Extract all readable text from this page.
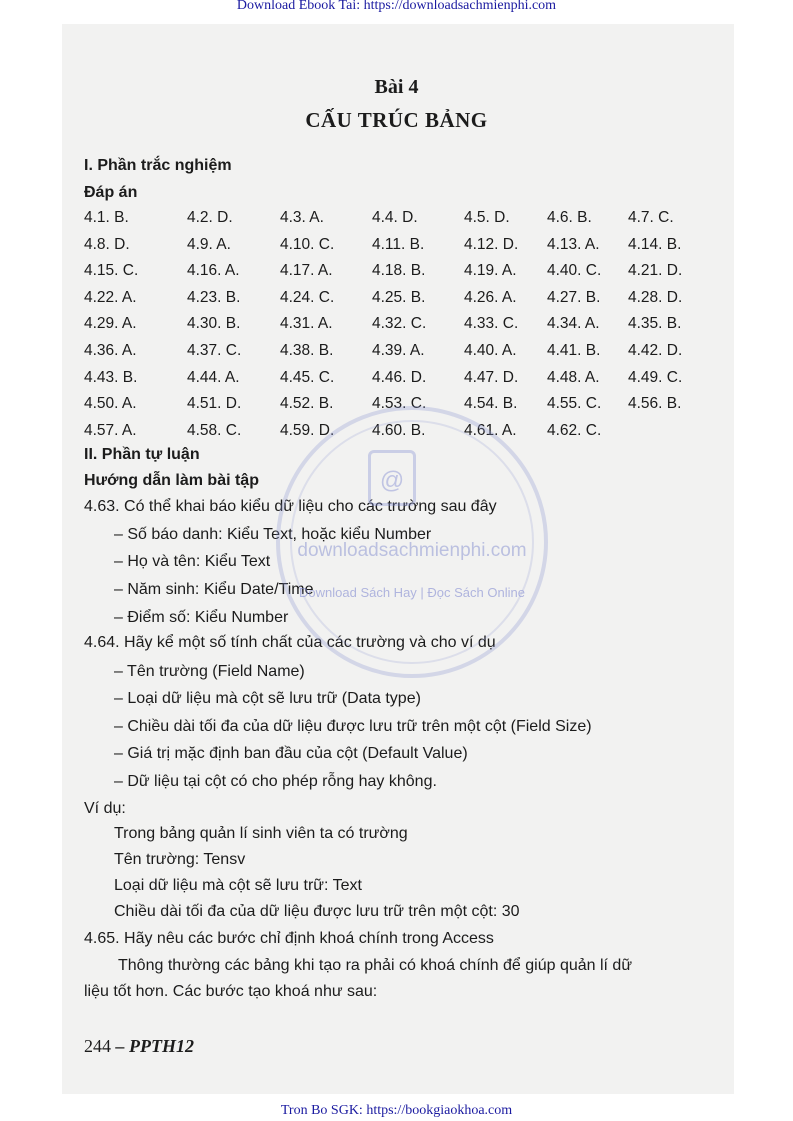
Download Ebook Tai: https://downloadsachmienphi.com
Bài 4
CẤU TRÚC BẢNG
I. Phần trắc nghiệm
Đáp án
4.1. B.	4.2. D.	4.3. A.	4.4. D.	4.5. D. 4.6. B. 4.7. C.
4.8. D.	4.9. A.	4.10. C. 4.11. B.	4.12. D. 4.13. A. 4.14. B.
4.15. C.	4.16. A.	4.17. A.	4.18. B. 4.19. A. 4.40. C. 4.21. D.
4.22. A.	4.23. B.	4.24. C. 4.25. B. 4.26. A. 4.27. B. 4.28. D.
4.29. A.	4.30. B.	4.31. A.	4.32. C. 4.33. C. 4.34. A. 4.35. B.
4.36. A.	4.37. C. 4.38. B. 4.39. A.	4.40. A. 4.41. B. 4.42. D.
4.43. B.	4.44. A.	4.45. C. 4.46. D. 4.47. D. 4.48. A. 4.49. C.
4.50. A.	4.51. D. 4.52. B. 4.53. C. 4.54. B. 4.55. C. 4.56. B.
4.57. A.	4.58. C. 4.59. D. 4.60. B. 4.61. A. 4.62. C.
II. Phần tự luận
Hướng dẫn làm bài tập
4.63. Có thể khai báo kiểu dữ liệu cho các trường sau đây
– Số báo danh: Kiểu Text, hoặc kiểu Number
– Họ và tên: Kiểu Text
– Năm sinh: Kiểu Date/Time
– Điểm số: Kiểu Number
4.64. Hãy kể một số tính chất của các trường và cho ví dụ
– Tên trường (Field Name)
– Loại dữ liệu mà cột sẽ lưu trữ (Data type)
– Chiều dài tối đa của dữ liệu được lưu trữ trên một cột (Field Size)
– Giá trị mặc định ban đầu của cột (Default Value)
– Dữ liệu tại cột có cho phép rỗng hay không.
Ví dụ:
Trong bảng quản lí sinh viên ta có trường
Tên trường: Tensv
Loại dữ liệu mà cột sẽ lưu trữ: Text
Chiều dài tối đa của dữ liệu được lưu trữ trên một cột: 30
4.65. Hãy nêu các bước chỉ định khoá chính trong Access
Thông thường các bảng khi tạo ra phải có khoá chính để giúp quản lí dữ
liệu tốt hơn. Các bước tạo khoá như sau:
244 – PPTH12
@
downloadsachmienphi.com
Download Sách Hay | Đọc Sách Online
Tron Bo SGK: https://bookgiaokhoa.com
